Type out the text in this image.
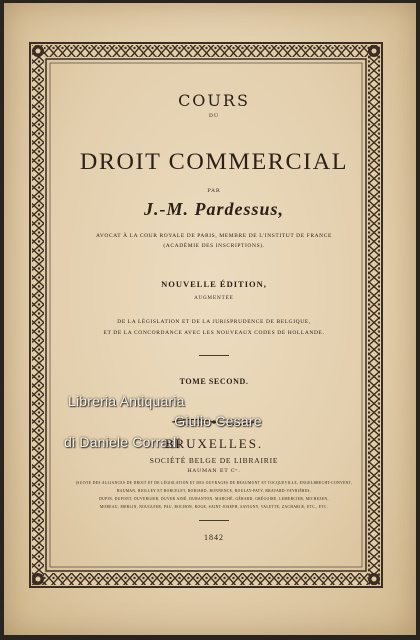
COURS
DU
DROIT COMMERCIAL
PAR
J.-M. Pardessus,
AVOCAT À LA COUR ROYALE DE PARIS, MEMBRE DE L'INSTITUT DE FRANCE
(ACADÉMIE DES INSCRIPTIONS).
NOUVELLE ÉDITION,
AUGMENTÉE
DE LA LÉGISLATION ET DE LA JURISPRUDENCE DE BELGIQUE,
ET DE LA CONCORDANCE AVEC LES NOUVEAUX CODES DE HOLLANDE.
TOME SECOND.
Libreria Antiquaria
Giulio Cesare
di Daniele Corradi
BRUXELLES.
SOCIÉTÉ BELGE DE LIBRAIRIE
HAUMAN ET Cᵉ.
(SUIVIE DES ALLIANCES DE DROIT ET DE LÉGISLATION ET DES OUVRAGES DE BEAUMONT ET TOCQUEVILLE, ENGELBRECHT-CONVENT,
HAUMAN, BIOLLEY ET BORCELET, BOBIARD, BONNENCE, BOULAY-PATY, BRAVARD-VEYRIÈRES,
DUPIN, DUPONT, DUVERGIER, DUVER AINÉ, DURANTON, MARCHÉ, GÉRARD, GRÉGOIRE, LEMERCIER, MICHEZEN,
MOREAU, MERLIN, NOUGUIER, PAU, ROCHON, ROGE, SAINT-JOSEPH, SAVIGNY, VALETTE, ZACHARIÆ, ETC., ETC.
1842
